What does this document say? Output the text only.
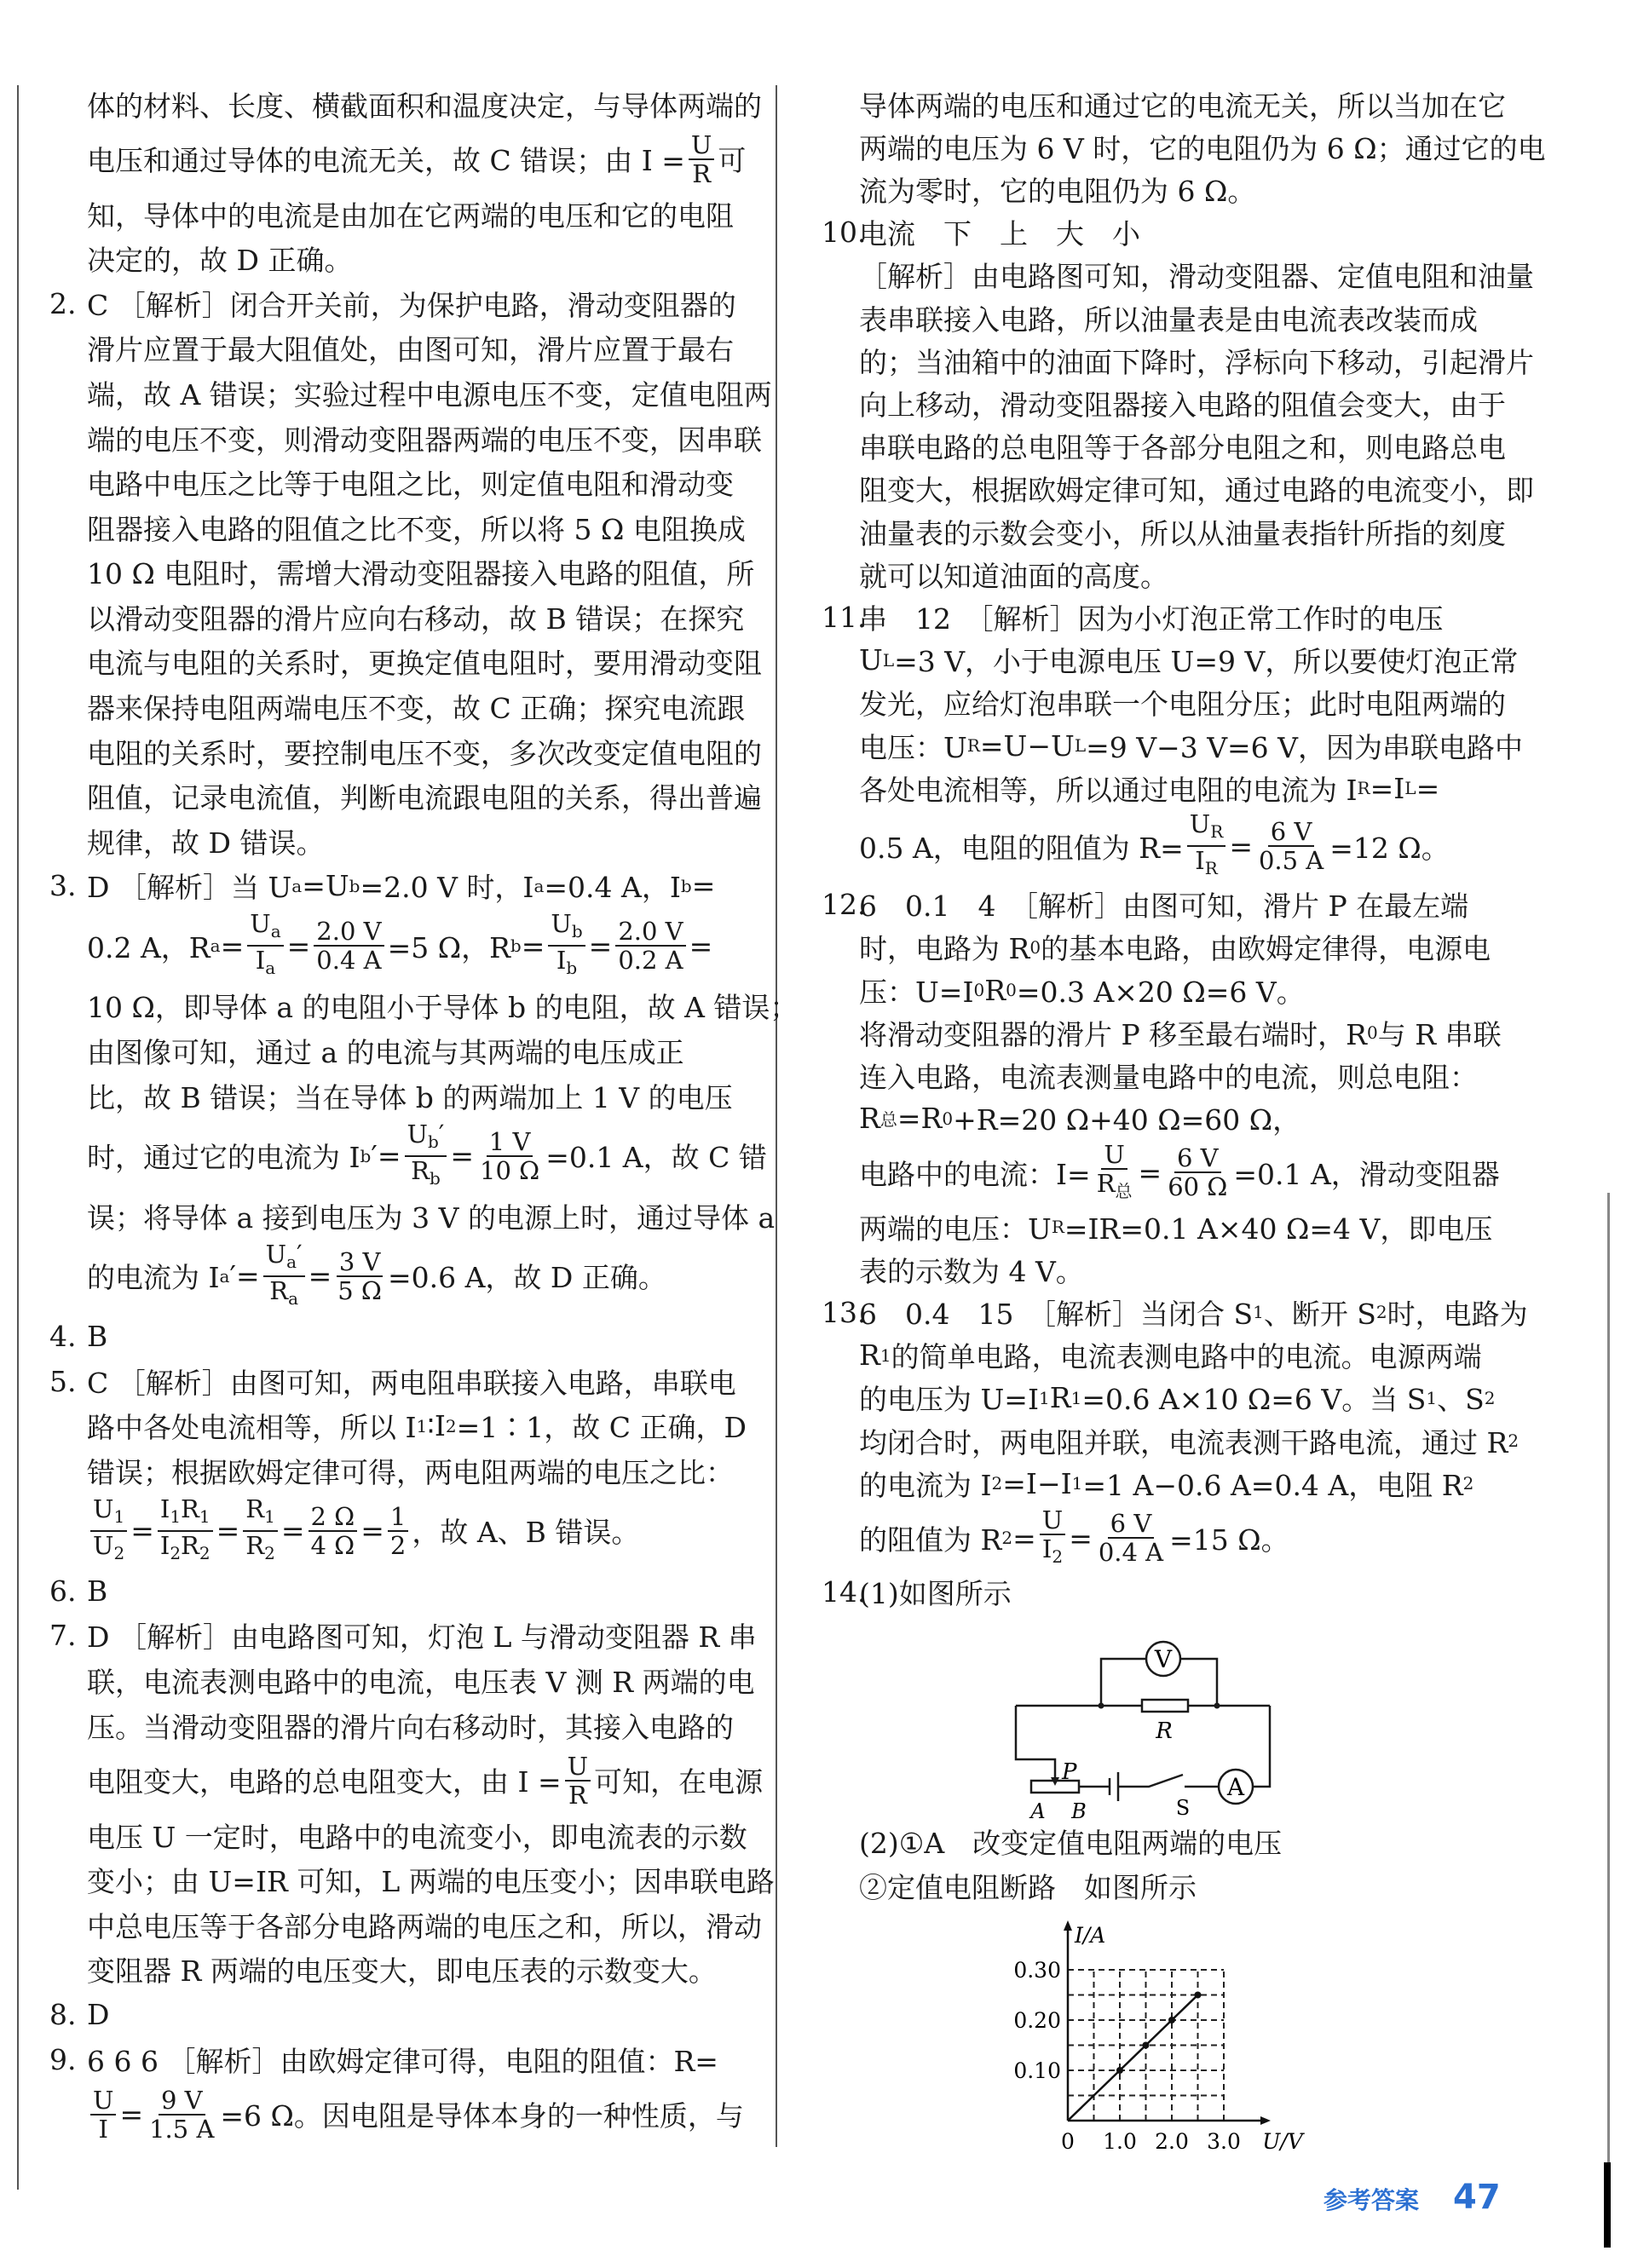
体的材料、长度、横截面积和温度决定，与导体两端的
电压和通过导体的电流无关，故 C 错误；由 $I = \frac{U}{R}$ 可
知，导体中的电流是由加在它两端的电压和它的电阻
决定的，故 D 正确。
2. C ［解析］闭合开关前，为保护电路，滑动变阻器的
滑片应置于最大阻值处，由图可知，滑片应置于最右
端，故 A 错误；实验过程中电源电压不变，定值电阻两
端的电压不变，则滑动变阻器两端的电压不变，因串联
电路中电压之比等于电阻之比，则定值电阻和滑动变
阻器接入电路的阻值之比不变，所以将 5 Ω 电阻换成
10 Ω 电阻时，需增大滑动变阻器接入电路的阻值，所
以滑动变阻器的滑片应向右移动，故 B 错误；在探究
电流与电阻的关系时，更换定值电阻时，要用滑动变阻
器来保持电阻两端电压不变，故 C 正确；探究电流跟
电阻的关系时，要控制电压不变，多次改变定值电阻的
阻值，记录电流值，判断电流跟电阻的关系，得出普遍
规律，故 D 错误。
3. D ［解析］当 U a =U b =2.0 V 时，I a =0.4 A，I b =
0.2 A，R $a = \frac{U_a}{I_a} = \frac{2.0 V}{0.4 A} =5$ Ω，R $b = \frac{U_b}{I_b} = \frac{2.0 V}{0.2 A}$ =
10 Ω，即导体 a 的电阻小于导体 b 的电阻，故 A 错误；
由图像可知，通过 a 的电流与其两端的电压成正
比，故 B 错误；当在导体 b 的两端加上 1 V 的电压
时，通过它的电流为 I b ′= $\frac{U_b'}{R_b} = \frac{1 V}{10 \Omega} =0.1$ A，故 C 错
误；将导体 a 接到电压为 3 V 的电源上时，通过导体 a
的电流为 I a ′= $\frac{U_a'}{R_a} = \frac{3 V}{5 \Omega} =0.6$ A，故 D 正确。
4. B
5. C ［解析］由图可知，两电阻串联接入电路，串联电
路中各处电流相等，所以 I 1 ∶I 2 =1∶1，故 C 正确，D
错误；根据欧姆定律可得，两电阻两端的电压之比：
$\frac{U_1}{U_2} = \frac{I_1R_1}{I_2R_2} = \frac{R_1}{R_2} = \frac{2 \Omega}{4 \Omega} = \frac{1}{2}$ ，故 A、B 错误。
6. B
7. D ［解析］由电路图可知，灯泡 L 与滑动变阻器 R 串
联，电流表测电路中的电流，电压表 V 测 R 两端的电
压。当滑动变阻器的滑片向右移动时，其接入电路的
电阻变大，电路的总电阻变大，由 $I = \frac{U}{R}$ 可知，在电源
电压 U 一定时，电路中的电流变小，即电流表的示数
变小；由 U=IR 可知，L 两端的电压变小；因串联电路
中总电压等于各部分电路两端的电压之和，所以，滑动
变阻器 R 两端的电压变大，即电压表的示数变大。
8. D
9. 6 6 6 ［解析］由欧姆定律可得，电阻的阻值：R=
$\frac{U}{I} = \frac{9 V}{1.5 A} =6$ Ω。因电阻是导体本身的一种性质，与
导体两端的电压和通过它的电流无关，所以当加在它
两端的电压为 6 V 时，它的电阻仍为 6 Ω；通过它的电
流为零时，它的电阻仍为 6 Ω。
10.
电流　下　上　大　小
［解析］由电路图可知，滑动变阻器、定值电阻和油量
表串联接入电路，所以油量表是由电流表改装而成
的；当油箱中的油面下降时，浮标向下移动，引起滑片
向上移动，滑动变阻器接入电路的阻值会变大，由于
串联电路的总电阻等于各部分电阻之和，则电路总电
阻变大，根据欧姆定律可知，通过电路的电流变小，即
油量表的示数会变小，所以从油量表指针所指的刻度
就可以知道油面的高度。
11.
串　12　［解析］因为小灯泡正常工作时的电压
U L =3 V，小于电源电压 U=9 V，所以要使灯泡正常
发光，应给灯泡串联一个电阻分压；此时电阻两端的
电压：U R =U−U L =9 V−3 V=6 V，因为串联电路中
各处电流相等，所以通过电阻的电流为 I R =I L =
0.5 A，电阻的阻值为 $R= \frac{U_R}{I_R} = \frac{6 V}{0.5 A} =12$ Ω。
12.
6　0.1　4　［解析］由图可知，滑片 P 在最左端
时，电路为 R 0 的基本电路，由欧姆定律得，电源电
压：U=I 0 R 0 =0.3 A×20 Ω=6 V。
将滑动变阻器的滑片 P 移至最右端时，R 0 与 R 串联
连入电路，电流表测量电路中的电流，则总电阻：
R 总 =R 0 +R=20 Ω+40 Ω=60 Ω，
电路中的电流：$I= \frac{U}{R_总} = \frac{6 V}{60 \Omega} =0.1$ A，滑动变阻器
两端的电压：U R =IR=0.1 A×40 Ω=4 V，即电压
表的示数为 4 V。
13.
6　0.4　15　［解析］当闭合 S 1 、断开 S 2 时，电路为
R 1 的简单电路，电流表测电路中的电流。电源两端
的电压为 U=I 1 R 1 =0.6 A×10 Ω=6 V。当 S 1 、S 2
均闭合时，两电阻并联，电流表测干路电流，通过 R 2
的电流为 I 2 =I−I 1 =1 A−0.6 A=0.4 A，电阻 R 2
的阻值为 R $2 = \frac{U}{I_2} = \frac{6 V}{0.4 A} =15$ Ω。
14.
(1)如图所示
V
A
R
P
A B	S
(2)①A　改变定值电阻两端的电压
②定值电阻断路　如图所示
0.10
0.20
0.30
0 1.0 2.0 3.0 U/V
I/A
参考答案 47
